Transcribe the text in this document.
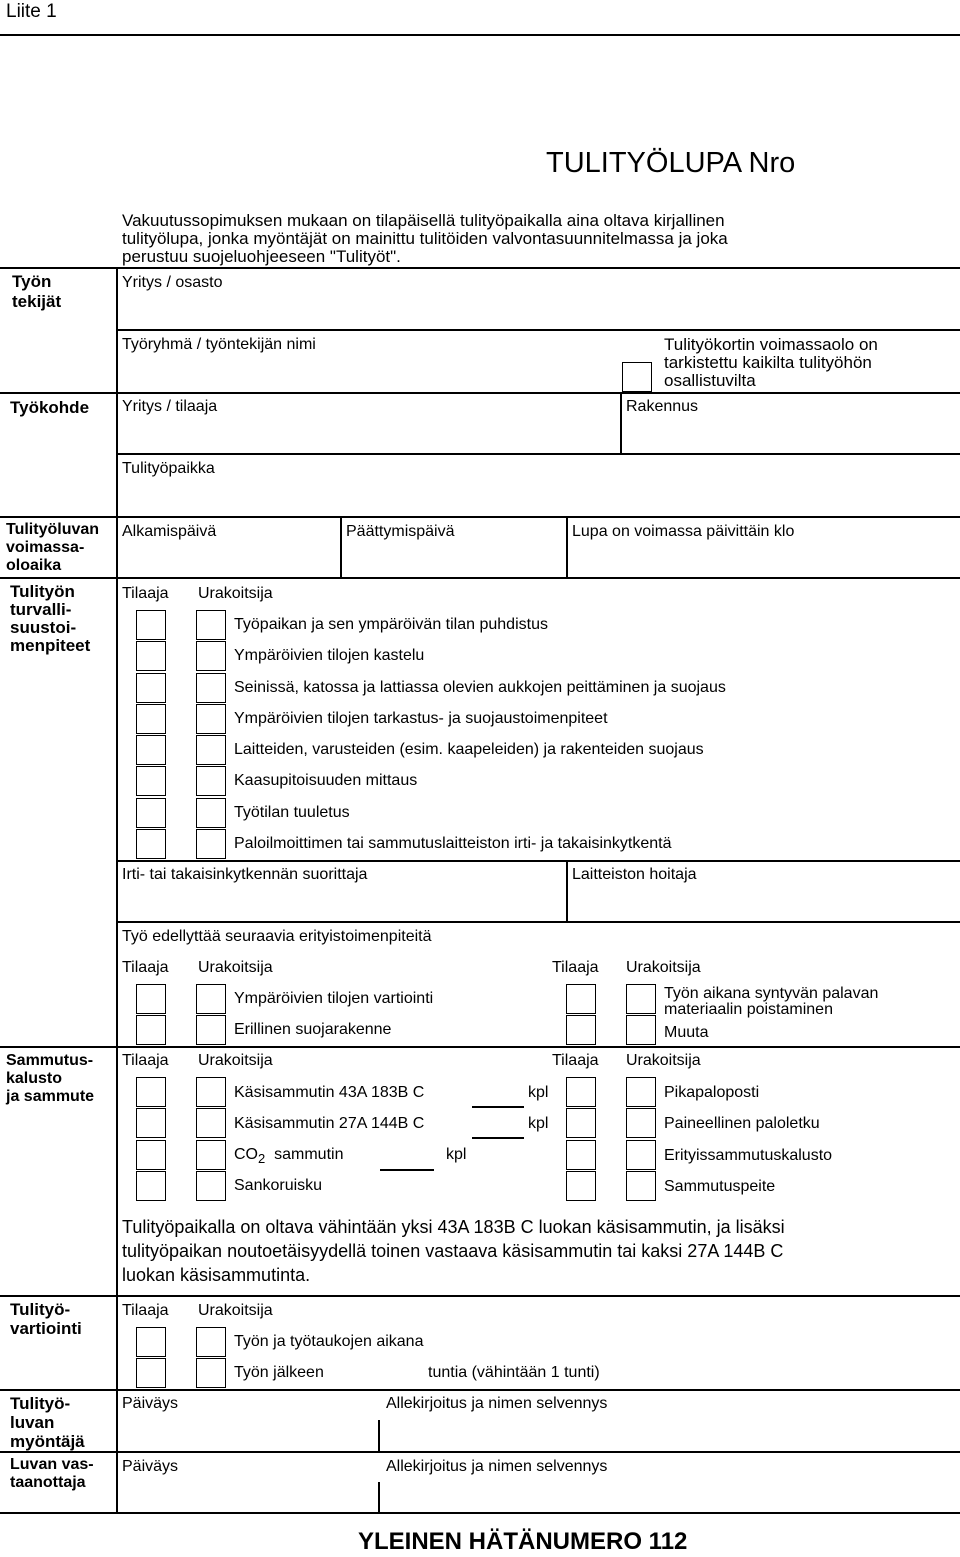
Liite 1
TULITYÖLUPA Nro
Vakuutussopimuksen mukaan on tilapäisellä tulityöpaikalla aina oltava kirjallinen
tulityölupa, jonka myöntäjät on mainittu tulitöiden valvontasuunnitelmassa ja joka
perustuu suojeluohjeeseen "Tulityöt".
Työn
tekijät
Yritys / osasto
Työryhmä / työntekijän nimi	Tulityökortin voimassaolo on
tarkistettu kaikilta tulityöhön
osallistuvilta
Työkohde Yritys / tilaaja	Rakennus
Tulityöpaikka
Tulityöluvan
voimassa-
oloaika
Alkamispäivä	Päättymispäivä	Lupa on voimassa päivittäin klo
Tulityön
turvalli-
suustoi-
menpiteet
Tilaaja Urakoitsija
Työpaikan ja sen ympäröivän tilan puhdistus
Ympäröivien tilojen kastelu
Seinissä, katossa ja lattiassa olevien aukkojen peittäminen ja suojaus
Ympäröivien tilojen tarkastus- ja suojaustoimenpiteet
Laitteiden, varusteiden (esim. kaapeleiden) ja rakenteiden suojaus
Kaasupitoisuuden mittaus
Työtilan tuuletus
Paloilmoittimen tai sammutuslaitteiston irti- ja takaisinkytkentä
Irti- tai takaisinkytkennän suorittaja	Laitteiston hoitaja
Työ edellyttää seuraavia erityistoimenpiteitä
Tilaaja Urakoitsija	Tilaaja Urakoitsija
Ympäröivien tilojen vartiointi
Erillinen suojarakenne
Työn aikana syntyvän palavan
materiaalin poistaminen
Muuta
Sammutus-
kalusto
ja sammute
Tilaaja Urakoitsija	Tilaaja Urakoitsija
Käsisammutin 43A 183B C	kpl
Käsisammutin 27A 144B C	kpl
$CO_2$ sammutin	kpl
Sankoruisku
Pikapaloposti
Paineellinen paloletku
Erityissammutuskalusto
Sammutuspeite
Tulityöpaikalla on oltava vähintään yksi 43A 183B C luokan käsisammutin, ja lisäksi
tulityöpaikan noutoetäisyydellä toinen vastaava käsisammutin tai kaksi 27A 144B C
luokan käsisammutinta.
Tulityö-
vartiointi
Tilaaja Urakoitsija
Työn ja työtaukojen aikana
Työn jälkeen	tuntia (vähintään 1 tunti)
Tulityö-
luvan
myöntäjä
Päiväys	Allekirjoitus ja nimen selvennys
Luvan vas-
taanottaja
Päiväys	Allekirjoitus ja nimen selvennys
YLEINEN HÄTÄNUMERO 112
